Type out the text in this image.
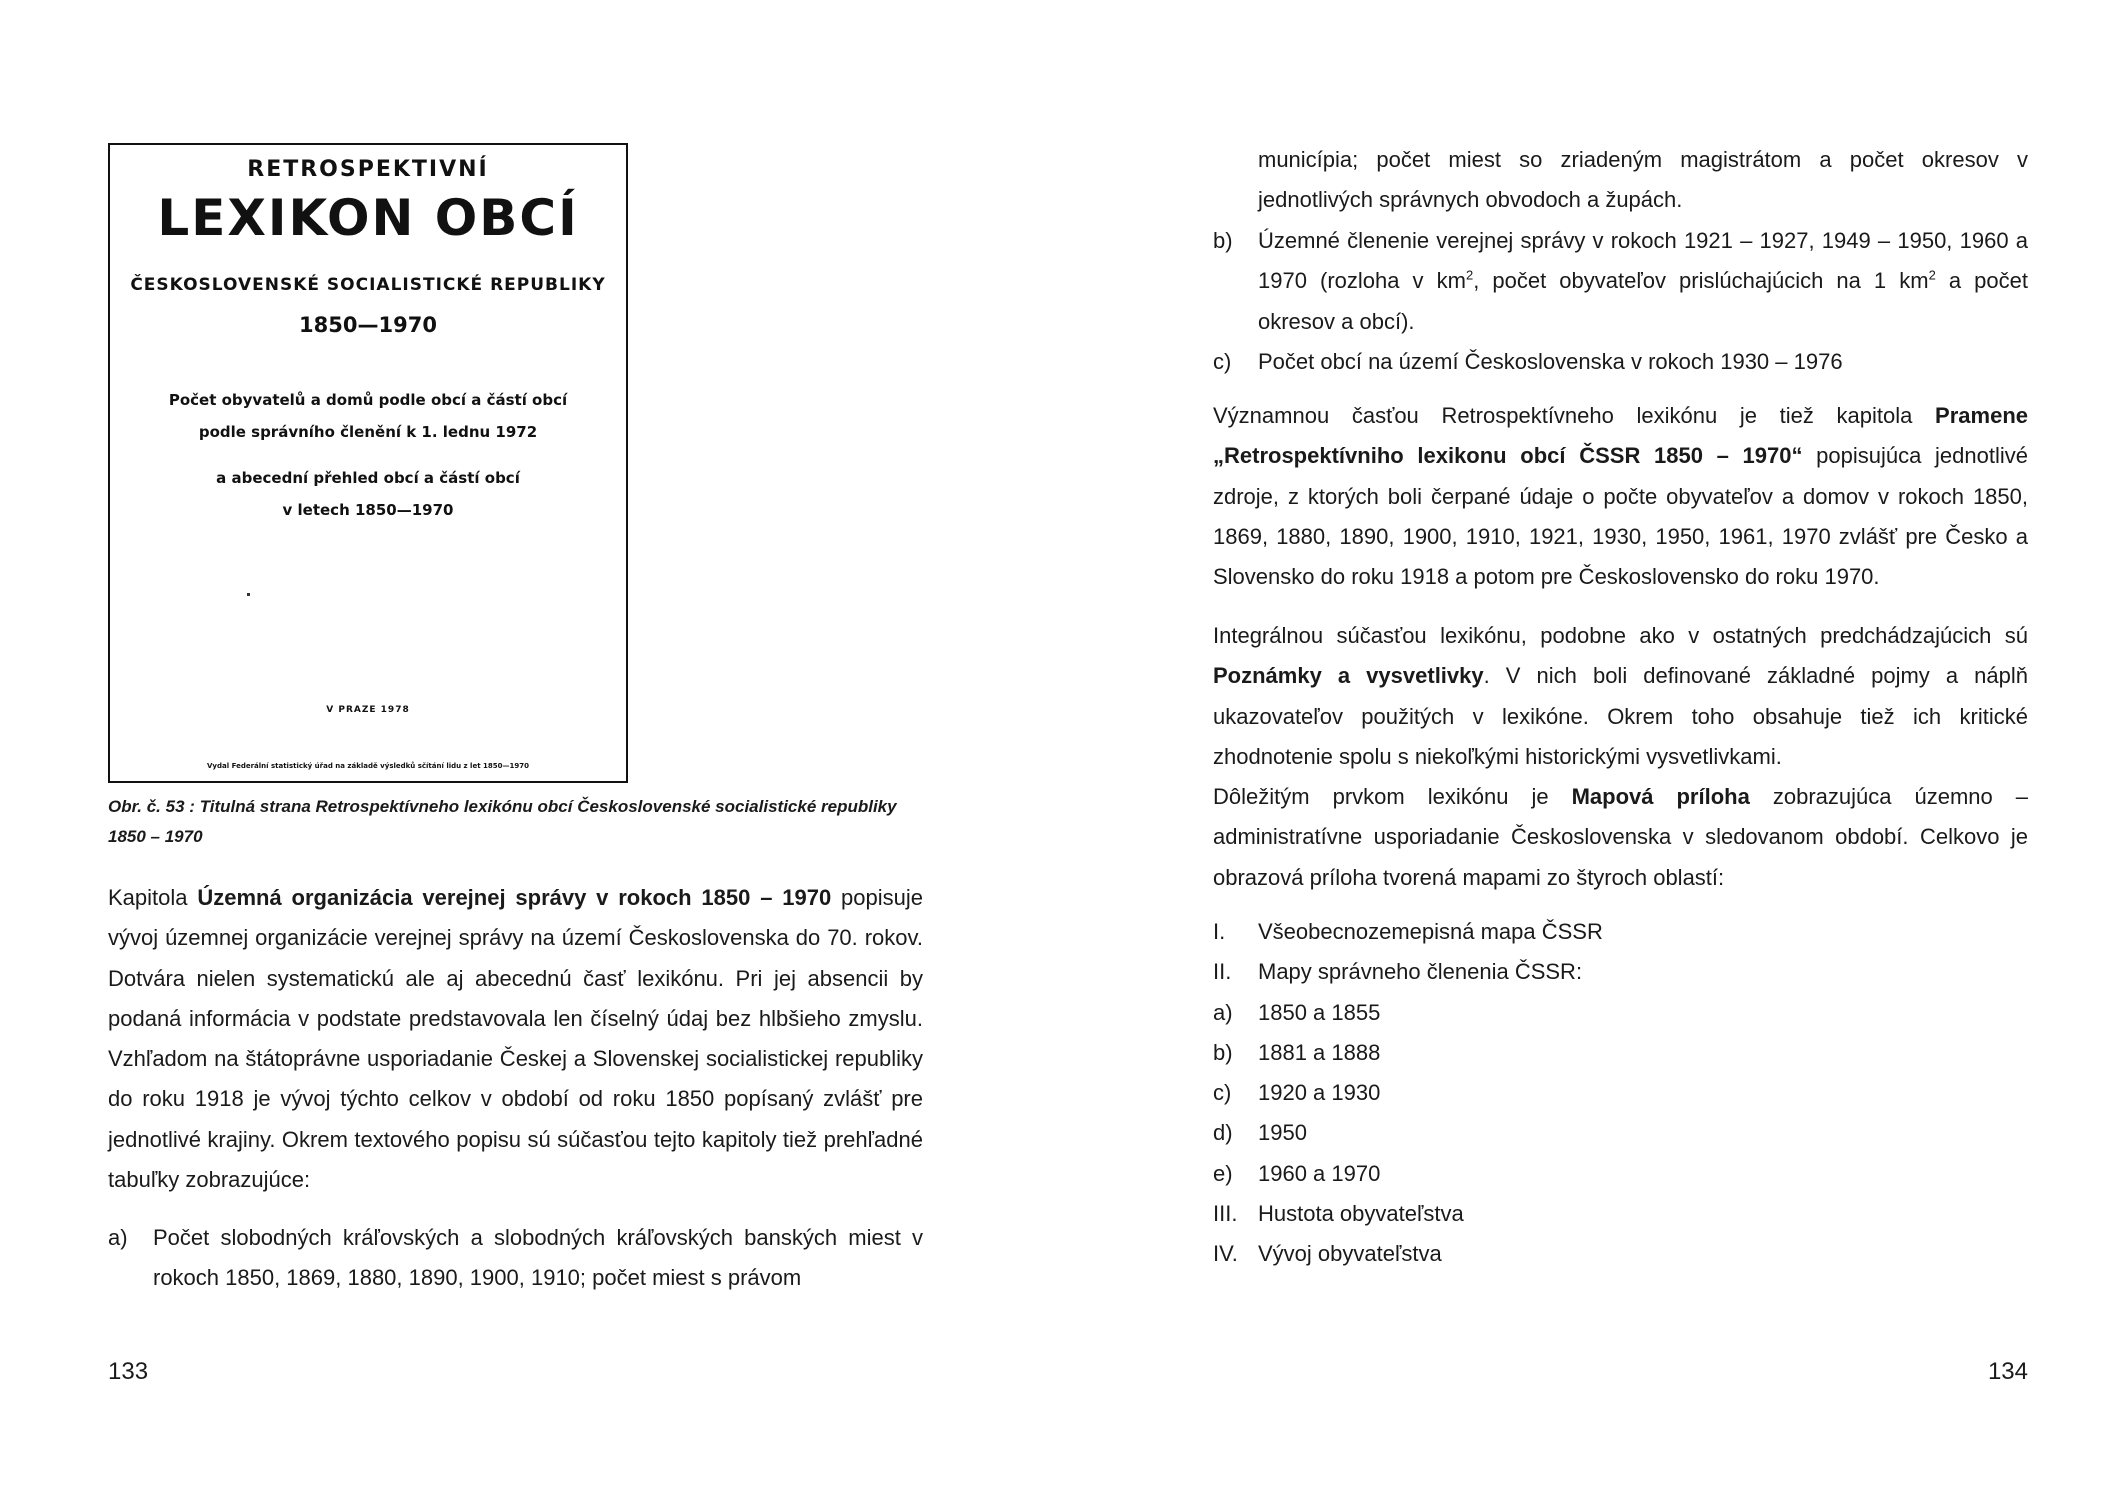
RETROSPEKTIVNÍ
LEXIKON OBCÍ
ČESKOSLOVENSKÉ SOCIALISTICKÉ REPUBLIKY
1850—1970
Počet obyvatelů a domů podle obcí a částí obcí
podle správního členění k 1. lednu 1972
a abecední přehled obcí a částí obcí
v letech 1850—1970
V PRAZE 1978
Vydal Federální statistický úřad na základě výsledků sčítání lidu z let 1850—1970
Obr. č. 53 : Titulná strana Retrospektívneho lexikónu obcí Československé socialistické republiky 1850 – 1970
Kapitola Územná organizácia verejnej správy v rokoch 1850 – 1970 popisuje vývoj územnej organizácie verejnej správy na území Československa do 70. rokov. Dotvára nielen systematickú ale aj abecednú časť lexikónu. Pri jej absencii by podaná informácia v podstate predstavovala len číselný údaj bez hlbšieho zmyslu. Vzhľadom na štátoprávne usporiadanie Českej a Slovenskej socialistickej republiky do roku 1918 je vývoj týchto celkov v období od roku 1850 popísaný zvlášť pre jednotlivé krajiny. Okrem textového popisu sú súčasťou tejto kapitoly tiež prehľadné tabuľky zobrazujúce:
a)	Počet slobodných kráľovských a slobodných kráľovských banských miest v rokoch 1850, 1869, 1880, 1890, 1900, 1910; počet miest s právom
133
municípia; počet miest so zriadeným magistrátom a počet okresov v jednotlivých správnych obvodoch a župách.
b)	Územné členenie verejnej správy v rokoch 1921 – 1927, 1949 – 1950, 1960 a 1970 (rozloha v $km^2$, počet obyvateľov prislúchajúcich na 1 $km^2$ a počet okresov a obcí).
c)	Počet obcí na území Československa v rokoch 1930 – 1976
Významnou časťou Retrospektívneho lexikónu je tiež kapitola Pramene „Retrospektívniho lexikonu obcí ČSSR 1850 – 1970“ popisujúca jednotlivé zdroje, z ktorých boli čerpané údaje o počte obyvateľov a domov v rokoch 1850, 1869, 1880, 1890, 1900, 1910, 1921, 1930, 1950, 1961, 1970 zvlášť pre Česko a Slovensko do roku 1918 a potom pre Československo do roku 1970.
Integrálnou súčasťou lexikónu, podobne ako v ostatných predchádzajúcich sú Poznámky a vysvetlivky. V nich boli definované základné pojmy a náplň ukazovateľov použitých v lexikóne. Okrem toho obsahuje tiež ich kritické zhodnotenie spolu s niekoľkými historickými vysvetlivkami.
Dôležitým prvkom lexikónu je Mapová príloha zobrazujúca územno – administratívne usporiadanie Československa v sledovanom období. Celkovo je obrazová príloha tvorená mapami zo štyroch oblastí:
I.	Všeobecnozemepisná mapa ČSSR
II.	Mapy správneho členenia ČSSR:
a)	1850 a 1855
b)	1881 a 1888
c)	1920 a 1930
d)	1950
e)	1960 a 1970
III. Hustota obyvateľstva
IV. Vývoj obyvateľstva
134
